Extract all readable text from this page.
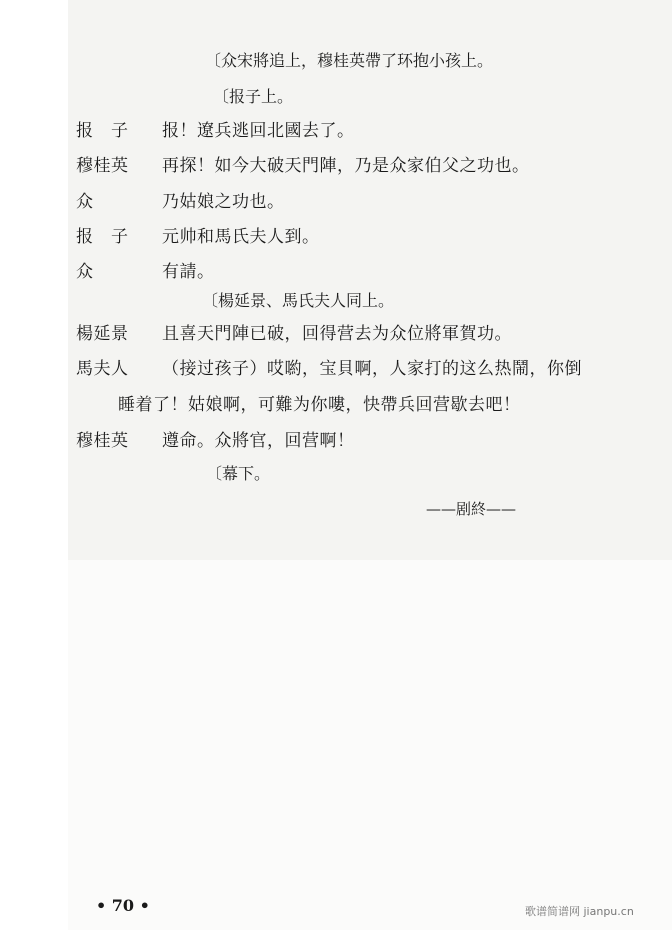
〔众宋將追上，穆桂英帶了环抱小孩上。
〔报子上。
报　子 报！遼兵逃回北國去了。
穆桂英 再探！如今大破天門陣，乃是众家伯父之功也。
众	乃姑娘之功也。
报　子 元帅和馬氏夫人到。
众	有請。
〔楊延景、馬氏夫人同上。
楊延景 且喜天門陣已破，回得营去为众位將軍賀功。
馬夫人 （接过孩子）哎喲，宝貝啊，人家打的这么热鬧，你倒
睡着了！姑娘啊，可難为你嘍，快帶兵回营歇去吧！
穆桂英 遵命。众將官，回营啊！
〔幕下。
——剧終——
• 70 •	歌谱简谱网 jianpu.cn
